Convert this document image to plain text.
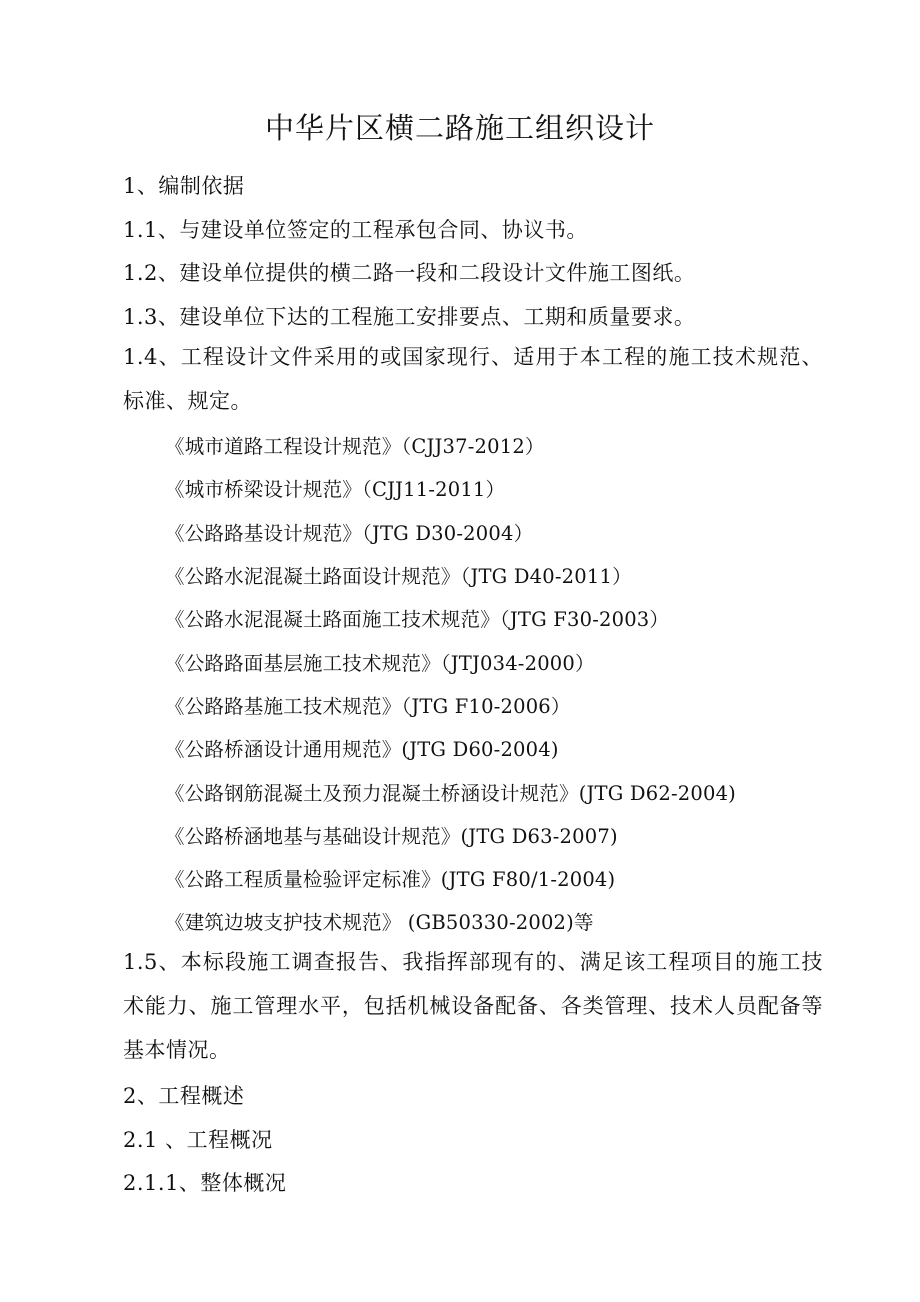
中华片区横二路施工组织设计
1、编制依据
1.1、与建设单位签定的工程承包合同、协议书。
1.2、建设单位提供的横二路一段和二段设计文件施工图纸。
1.3、建设单位下达的工程施工安排要点、工期和质量要求。
1.4、工程设计文件采用的或国家现行、适用于本工程的施工技术规范、标准、规定。
《城市道路工程设计规范》（CJJ37-2012）
《城市桥梁设计规范》（CJJ11-2011）
《公路路基设计规范》（JTG D30-2004）
《公路水泥混凝土路面设计规范》（JTG D40-2011）
《公路水泥混凝土路面施工技术规范》（JTG F30-2003）
《公路路面基层施工技术规范》（JTJ034-2000）
《公路路基施工技术规范》（JTG F10-2006）
《公路桥涵设计通用规范》(JTG D60-2004)
《公路钢筋混凝土及预力混凝土桥涵设计规范》(JTG D62-2004)
《公路桥涵地基与基础设计规范》(JTG D63-2007)
《公路工程质量检验评定标准》(JTG F80/1-2004)
《建筑边坡支护技术规范》 (GB50330-2002)等
1.5、本标段施工调查报告、我指挥部现有的、满足该工程项目的施工技术能力、施工管理水平，包括机械设备配备、各类管理、技术人员配备等基本情况。
2、工程概述
2.1 、工程概况
2.1.1、整体概况
